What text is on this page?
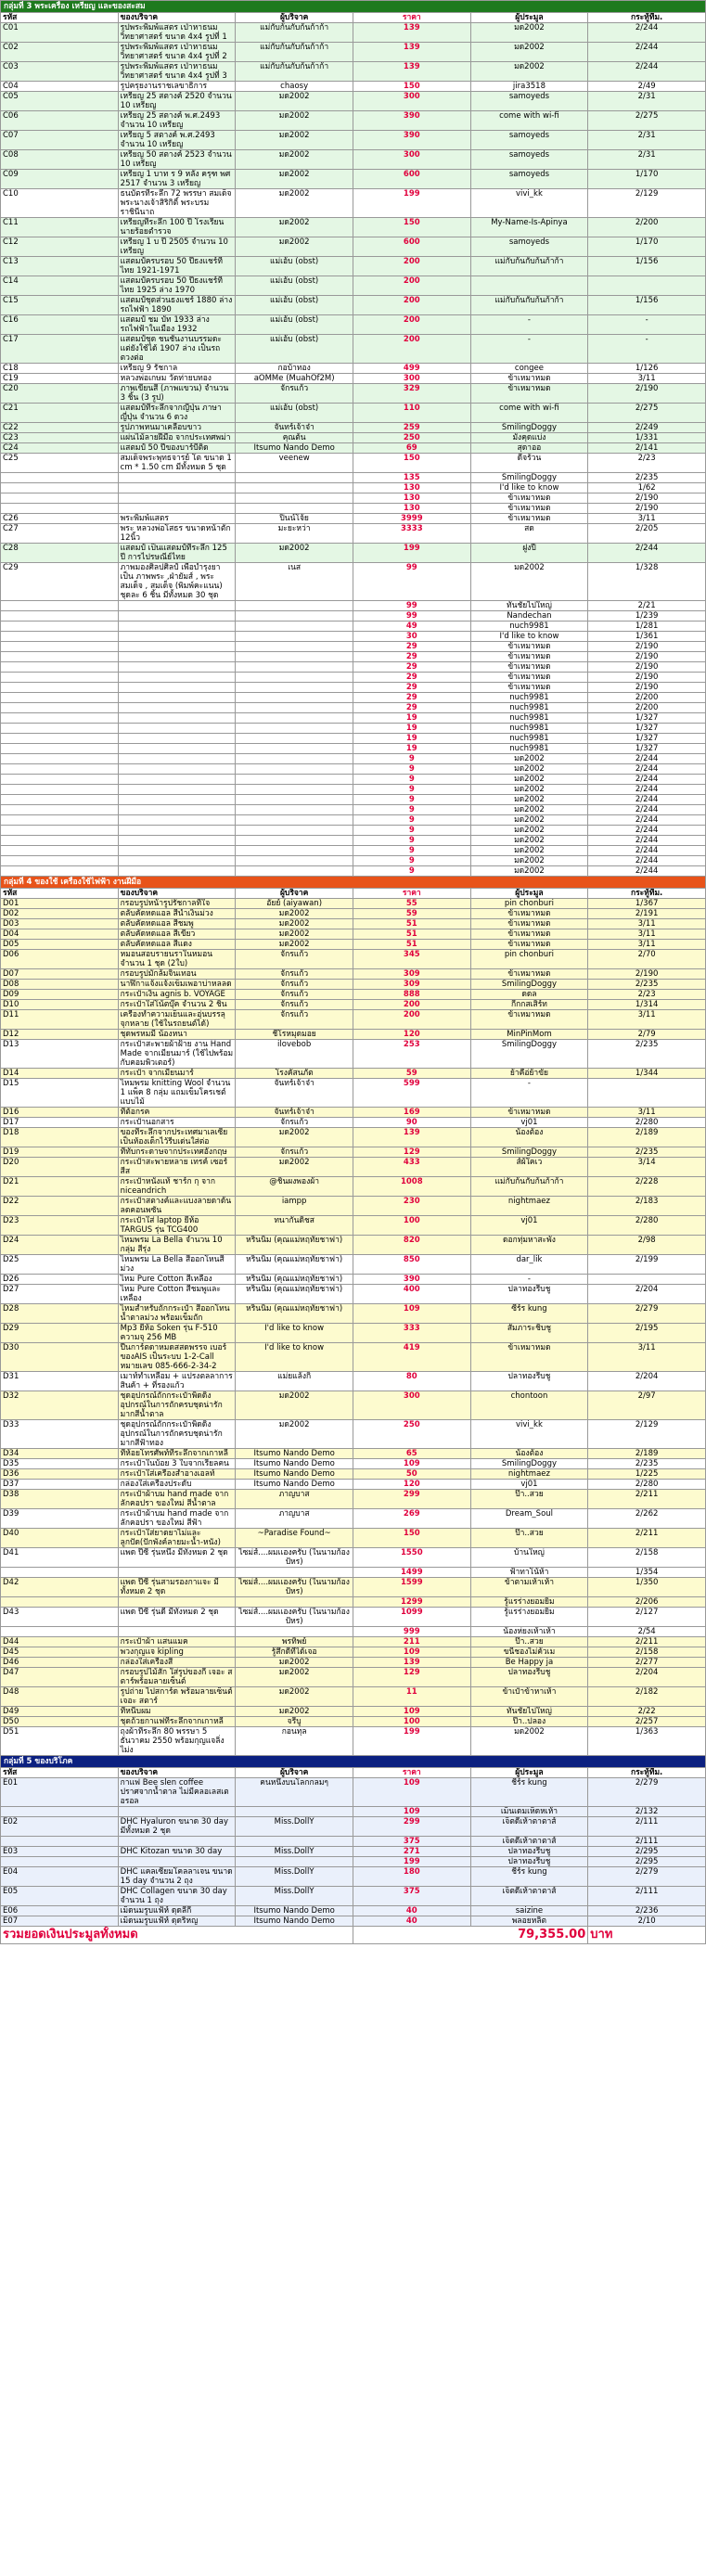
กลุ่มที่ 3 พระเครื่อง เหรียญ และของสะสม					
รหัส	ของบริจาค	ผู้บริจาค	ราคา	ผู้ประมูล	กระทู้ที่ม.
C01	รูปพระพิมพ์แสตร เป่าหาธนม วิทยาศาสตร์ ขนาด 4x4 รูปที่ 1	แม่กับก้นกับก้นก้าก้า	139	มด2002	2/244
C02	รูปพระพิมพ์แสตร เป่าหาธนม วิทยาศาสตร์ ขนาด 4x4 รูปที่ 2	แม่กับก้นกับก้นก้าก้า	139	มด2002	2/244
C03	รูปพระพิมพ์แสตร เป่าหาธนม วิทยาศาสตร์ ขนาด 4x4 รูปที่ 3	แม่กับก้นกับก้นก้าก้า	139	มด2002	2/244
C04	รูปครุยงานราชเลขาธิการ	chaosy	150	jira3518	2/49
C05	เหรียญ 25 สตางค์ 2520 จำนวน 10 เหรียญ	มด2002	300	samoyeds	2/31
C06	เหรียญ 25 สตางค์ พ.ศ.2493 จำนวน 10 เหรียญ	มด2002	390	come with wi-fi	2/275
C07	เหรียญ 5 สตางค์ พ.ศ.2493 จำนวน 10 เหรียญ	มด2002	390	samoyeds	2/31
C08	เหรียญ 50 สตางค์ 2523 จำนวน 10 เหรียญ	มด2002	300	samoyeds	2/31
C09	เหรียญ 1 บาท ร 9 หลัง ครุฑ พศ 2517 จำนวน 3 เหรียญ	มด2002	600	samoyeds	1/170
C10	ธนบัตรที่ระลึก 72 พรรษา สมเด็จพระนางเจ้าสิริกิติ์ พระบรมราชินีนาถ	มด2002	199	vivi_kk	2/129
C11	เหรียญที่ระลึก 100 ปี โรงเรียนนายร้อยตำรวจ	มด2002	150	My-Name-Is-Apinya	2/200
C12	เหรียญ 1 บ ปี 2505 จำนวน 10 เหรียญ	มด2002	600	samoyeds	1/170
C13	แสตมป์ครบรอบ 50 ปีธงแชร์ที่ไทย 1921-1971	แม่เอ้บ (obst)	200	แม่กับก้นกับก้นก้าก้า	1/156
C14	แสตมป์ครบรอบ 50 ปีธงแชร์ที่ไทย 1925 ล่าง 1970	แม่เอ้บ (obst)	200		
C15	แสตมป์ชุดส่วนธงแชร์ 1880 ล่าง รถไฟฟ้า 1890	แม่เอ้บ (obst)	200	แม่กับก้นกับก้นก้าก้า	1/156
C16	แสตมป์ ชม บัท 1933 ล่าง รถไฟฟ้าในเมือง 1932	แม่เอ้บ (obst)	200	-	-
C17	แสตมป์ชุด ชนชั่นงานบรรมดะ แต่ยังใช้ได้ 1907 ล่าง เป็นรถตวงต่อ	แม่เอ้บ (obst)	200	-	-
C18	เหรียญ 9 รัชกาล	กอบ้าทอง	499	congee	1/126
C19	หลวงพ่อเกษม วัดท่ายบทอง	aOMMe (MuahOf2M)	300	ข้าเหมาหมด	3/11
C20	ภาพเขียนสี (ภาพแขวน) จำนวน 3 ชิ้น (3 รูป)	จักรแก้ว	329	ข้าเหมาหมด	2/190
C21	แสตมป์ที่ระลึกจากญี่ปุ่น ภาษาญี่ปุ่น จำนวน 6 ดวง	แม่เอ้บ (obst)	110	come with wi-fi	2/275
C22	รูปภาพหนมาเคลือบขาว	จันทร์เจ้าจ๋า	259	SmilingDoggy	2/249
C23	แผ่นไม้ลายฝีมือ จากประเทศพม่า	คุณต้น	250	มังคุดแบ่ง	1/331
C24	แสตมป์ 50 ปีของบาร์บี้ติด	Itsumo Nando Demo	69	สุดาออ	2/141
C25	สมเด็จพระพุทธจารย์ โต ขนาด 1 cm * 1.50 cm มีทั้งหมด 5 ชุด	veenew	150	ดีจร้วน	2/23
			135	SmilingDoggy	2/235
			130	I'd like to know	1/62
			130	ข้าเหมาหมด	2/190
			130	ข้าเหมาหมด	2/190
C26	พระพิมพ์แสตร	ปินน์โจ้ย	3999	ข้าเหมาหมด	3/11
C27	พระ หลวงพ่อโสธร ขนาดหน้าตัก 12นิ้ว	มะยะหว่า	3333	สด	2/205
C28	แสตมป์ เป็นแสตมป์ที่ระลึก 125 ปี การไปรษณีย์ไทย	มด2002	199	ฝูงปี	2/244
C29	ภาพมองศิลปศิลป์ เพื่อบำรุงยา เป็น ภาพพระ ,ฝ่ายัมส์ , พระสมเด็จ , สมเด็จ (พิมพ์คะแนน) ชุดละ 6 ชิ้น มีทั้งหมด 30 ชุด	เนส	99	มด2002	1/328
			99	ทันชัยไปใหญ่	2/21
			99	Nandechan	1/239
			49	nuch9981	1/281
			30	I'd like to know	1/361
			29	ข้าเหมาหมด	2/190
			29	ข้าเหมาหมด	2/190
			29	ข้าเหมาหมด	2/190
			29	ข้าเหมาหมด	2/190
			29	ข้าเหมาหมด	2/190
			29	nuch9981	2/200
			29	nuch9981	2/200
			19	nuch9981	1/327
			19	nuch9981	1/327
			19	nuch9981	1/327
			19	nuch9981	1/327
			9	มด2002	2/244
			9	มด2002	2/244
			9	มด2002	2/244
			9	มด2002	2/244
			9	มด2002	2/244
			9	มด2002	2/244
			9	มด2002	2/244
			9	มด2002	2/244
			9	มด2002	2/244
			9	มด2002	2/244
			9	มด2002	2/244
			9	มด2002	2/244
กลุ่มที่ 4 ของใช้ เครื่องใช้ไฟฟ้า งานฝีมือ					
รหัส	ของบริจาค	ผู้บริจาค	ราคา	ผู้ประมูล	กระทู้ที่ม.
D01	กรอบรูปหน้ารูปรัชกาลที่ใจ	อัยย์ (aiyawan)	55	pin chonburi	1/367
D02	ตลับคัดหดแอล สีน้ำเงินม่วง	มด2002	59	ข้าเหมาหมด	2/191
D03	ตลับคัดหดแอล สีชมพู	มด2002	51	ข้าเหมาหมด	3/11
D04	ตลับคัดหดแอล สีเขียว	มด2002	51	ข้าเหมาหมด	3/11
D05	ตลับคัดหดแอล สีแดง	มด2002	51	ข้าเหมาหมด	3/11
D06	หมอนสอบรายนราในหมอน จำนวน 1 ชุด (2ใบ)	จักรแก้ว	345	pin chonburi	2/70
D07	กรอบรูปมักล้มจิ่นเทอน	จักรแก้ว	309	ข้าเหมาหมด	2/190
D08	นาฬิกาแจ้งแจ้งเข็มเพอาบ่าหลลด	จักรแก้ว	309	SmilingDoggy	2/235
D09	กระเป๋าเงิน agnis b. VOYAGE	จักรแก้ว	888	ดดล	2/23
D10	กระเป๋าใส่โน้ตบุ๊ค จำนวน 2 ชิ้น	จักรแก้ว	200	กี่กกสเสิร์ท	1/314
D11	เครื่องทำความเย็นและอุ่นบรรลุจุกหลาย (ใช้ในรถยนต์ได้)	จักรแก้ว	200	ข้าเหมาหมด	3/11
D12	ชุดพรหมมี น้องหนา	ชีโรหมุดมอย	120	MinPinMom	2/79
D13	กระเป๋าสะพายผ้าฝ้าย งาน Hand Made จากเมียนมาร์ (ใช้ไปพร้อมกับคอมพิวเตอร์)	ilovebob	253	SmilingDoggy	2/235
D14	กระเป๋า จากเมียนมาร์	โรงคัสนภัต	59	ย้าคือ่ย้าขัย	1/344
D15	ไหมพรม knitting Wool จำนวน 1 แพ็ค 8 กลุ่ม แถมเข็มโครเชต์แบบไม้	จันทร์เจ้าจ๋า	599	-	
D16	ที่ต้อกรค	จันทร์เจ้าจ๋า	169	ข้าเหมาหมด	3/11
D17	กระเป๋านอกสาร	จักรแก้ว	90	vj01	2/280
D18	ของที่ระลึกจากประเทศมาเลเซีย เป็นห้องเด็กไว้รีบเด่นใส่ต่อ	มด2002	139	น้องต้อง	2/189
D19	ที่ทับกระดาษจากประเทศอังกฤษ	จักรแก้ว	129	SmilingDoggy	2/235
D20	กระเป๋าสะพายหลาย เทรค์ เซอร์ สีส	มด2002	433	ส์ผ้ใคเว	3/14
D21	กระเป๋าหนังแท้ ชาร์ก กุ จาก niceandrich	@ชิ้นผงพองผ้า	1008	แม่กับก้นกับก้นก้าก้า	2/228
D22	กระเป๋าสตางค์และแบงลายดาด้นลดคอนพซัน	iampp	230	nightmaez	2/183
D23	กระเป๋าใส่ laptop ยี่ห้อ TARGUS รุ่น TCG400	ทนากันดิชส	100	vj01	2/280
D24	ไหมพรม La Bella จำนวน 10 กลุ่ม สีรุ่ง	หรินนิ่ม (คุณแม่หฤทัยชาฟา)	820	ดอกทุ่มหาสะพัง	2/98
D25	ไหมพรม La Bella สีออกโหนสีม่วง	หรินนิ่ม (คุณแม่หฤทัยชาฟา)	850	dar_lik	2/199
D26	ไหม Pure Cotton สีเหลือง	หรินนิ่ม (คุณแม่หฤทัยชาฟา)	390	-	
D27	ไหม Pure Cotton สีชมพูและเหลือง	หรินนิ่ม (คุณแม่หฤทัยชาฟา)	400	ปลาทองรีบชู	2/204
D28	ไหมสำหรับถักกระเป๋า สีออกโทนน้ำตาลม่วง พร้อมเข็มถัก	หรินนิ่ม (คุณแม่หฤทัยชาฟา)	109	ซีร์ร kung	2/279
D29	Mp3 ยี่ห้อ Soken รุ่น F-510 ความจุ 256 MB	I'd like to know	333	สัมภาระชิบชู	2/195
D30	ปืนการ์ตดาหมดสสดพรรจ เบอร์ของAIS เป็นระบบ 1-2-Call หมายเลข 085-666-2-34-2	I'd like to know	419	ข้าเหมาหมด	3/11
D31	เมาท์ทำเหลือม + แปรงตลลาการสินค้า + ที่รองแก้ว	แม่ยแล้งกิ	80	ปลาทองรีบชู	2/204
D32	ชุดอุปกรณ์ถักกระเป๋าพิดดิ้ง อุปกรณ์ในการถักครบชุดน่ารักมากสีน้ำตาล	มด2002	300	chontoon	2/97
D33	ชุดอุปกรณ์ถักกระเป๋าพิดดิ้ง อุปกรณ์ในการถักครบชุดน่ารักมากสีฟ้าทอง	มด2002	250	vivi_kk	2/129
D34	ที่ห้อยโทรศัพท์ที่ระลึกจากเกาหลี	Itsumo Nando Demo	65	น้องต้อง	2/189
D35	กระเป๋าในบ้อย 3 ใบจากเรียลคน	Itsumo Nando Demo	109	SmilingDoggy	2/235
D36	กระเป๋าใส่เครื่องสำอางเอลท์	Itsumo Nando Demo	50	nightmaez	1/225
D37	กล่องใส่เครื่องประดับ	Itsumo Nando Demo	120	vj01	2/280
D38	กระเป๋าผ้าบม hand made จากลักคอปรา ของใหม่ สีน้ำตาล	ภาญบาส	299	ป๊า..สวย	2/211
D39	กระเป๋าผ้าบม hand made จากลักคอปรา ของใหม่ สีฟ้า	ภาญบาส	269	Dream_Soul	2/262
D40	กระเป๋าใส่ยาดยาไม่และลูกปัด(ปักพังค์ลายมะน้ำ-หนัง)	~Paradise Found~	150	ป๊า..สวย	2/211
D41	แพด ปีซี รุ่นหนึ่ง มีทั้งหมด 2 ชุด	ไซม่ส์....ผมเเองครับ (ในนามก้องป้หร)	1550	บ้านใหญ่	2/158
			1499	ฟ้าทาโน้ห้า	1/354
D42	แพด ปีซี รุ่นสามรองกาแจะ มีทั้งหมด 2 ชุด	ไซม่ส์....ผมเเองครับ (ในนามก้องป้หร)	1599	ข้าตามเห้าเห้า	1/350
			1299	รู้แรร่างยอมยิ้ม	2/206
D43	แพด ปีซี รุ่นดี มีทั้งหมด 2 ชุด	ไซม่ส์....ผมเเองครับ (ในนามก้องป้หร)	1099	รู้แรร่างยอมยิ้ม	2/127
			999	น้องห่ยงเห้าเห้า	2/54
D44	กระเป๋าผ้า แสนแมค	พรทิพย์	211	ป๊า..สวย	2/211
D45	พวงกุญแจ kipling	รู้สึกดีที่ได้เจอ	109	ขนี้ชองไม่ค้วเม	2/158
D46	กล่องใส่เครื่องสี	มด2002	139	Be Happy ja	2/277
D47	กรอบรูปไม้สัก ใส่รูปของกี เจอะ สตาร์พร้อมลายเซ็นต์	มด2002	129	ปลาทองรีบชู	2/204
D48	รูปถ่าย ไปสการ์ด พร้อมลายเซ็นต์ เจอะ สตาร์	มด2002	11	ข้าเป๋าข้าหาเห้า	2/182
D49	ที่หนีบผม	มด2002	109	ทันชัยไปใหญ่	2/22
D50	ชุดถ้วยกาแฟที่ระลึกจากเกาหลี	จรีบู	100	ป๊า..ปลอง	2/257
D51	ถุงผ้าที่ระลึก 80 พรรษา 5 ธันวาคม 2550 พร้อมกุญแจลิ่งไม่ง	กอนทุล	199	มด2002	1/363
กลุ่มที่ 5 ของบริโภค					
รหัส	ของบริจาค	ผู้บริจาค	ราคา	ผู้ประมูล	กระทู้ที่ม.
E01	กาแฟ Bee slen coffee ปราศจากน้ำตาล ไม่มีคลอเลสเตอรอล	คนหนึ่งบนโลกกลมๆ	109	ชีร์ร kung	2/279
			109	เม็นเดมเห็ดหเห้า	2/132
E02	DHC Hyaluron ขนาด 30 day มีทั้งหมด 2 ชุด	Miss.DollY	299	เจ็ตดีเห้าตาตาส์	2/111
			375	เจ็ตดีเห้าตาตาส์	2/111
E03	DHC Kitozan ขนาด 30 day	Miss.DollY	271	ปลาทองรีบชู	2/295
			199	ปลาทองรีบชู	2/295
E04	DHC แคลเซียมโคลลาเจน ขนาด 15 day จำนวน 2 ถุง	Miss.DollY	180	ชีร์ร kung	2/279
E05	DHC Collagen ขนาด 30 day จำนวน 1 ถุง	Miss.DollY	375	เจ็ตดีเห้าตาตาส์	2/111
E06	เม็ดนมรูบแฟ้ห์ ดุดลีกี	Itsumo Nando Demo	40	saizine	2/236
E07	เม็ดนมรูบแฟ้ห์ ดุดริหญ	Itsumo Nando Demo	40	พลอยหลิต	2/10
รวมยอดเงินประมูลทั้งหมด			79,355.00		บาท
